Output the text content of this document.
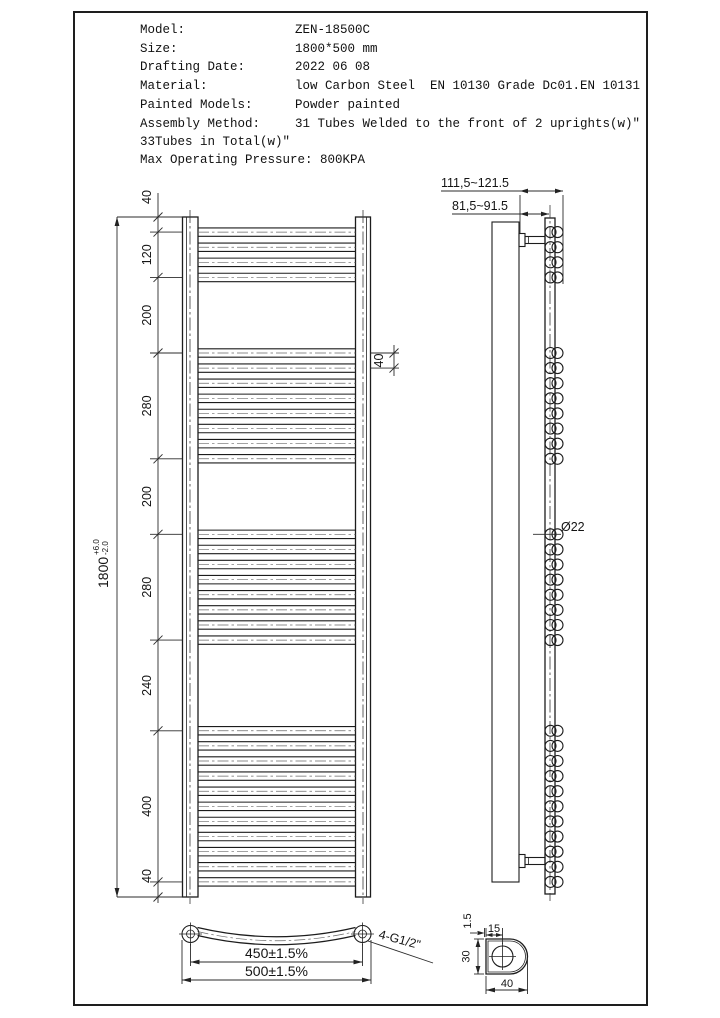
Model:	ZEN-18500C
Size:	1800*500 mm
Drafting Date:	2022 06 08
Material:	low Carbon Steel  EN 10130 Grade Dc01.EN 10131
Painted Models:	Powder painted
Assembly Method:	31 Tubes Welded to the front of 2 uprights(w)"
33Tubes in Total(w)"
Max Operating Pressure: 800KPA
1800
+6.0 -2.0
40
120
200
280
200
280
240
400
40
40
111,5~121.5
81,5~91.5
Ø22
4-G1/2"
450±1.5%
500±1.5%
15
1.5
30
40
